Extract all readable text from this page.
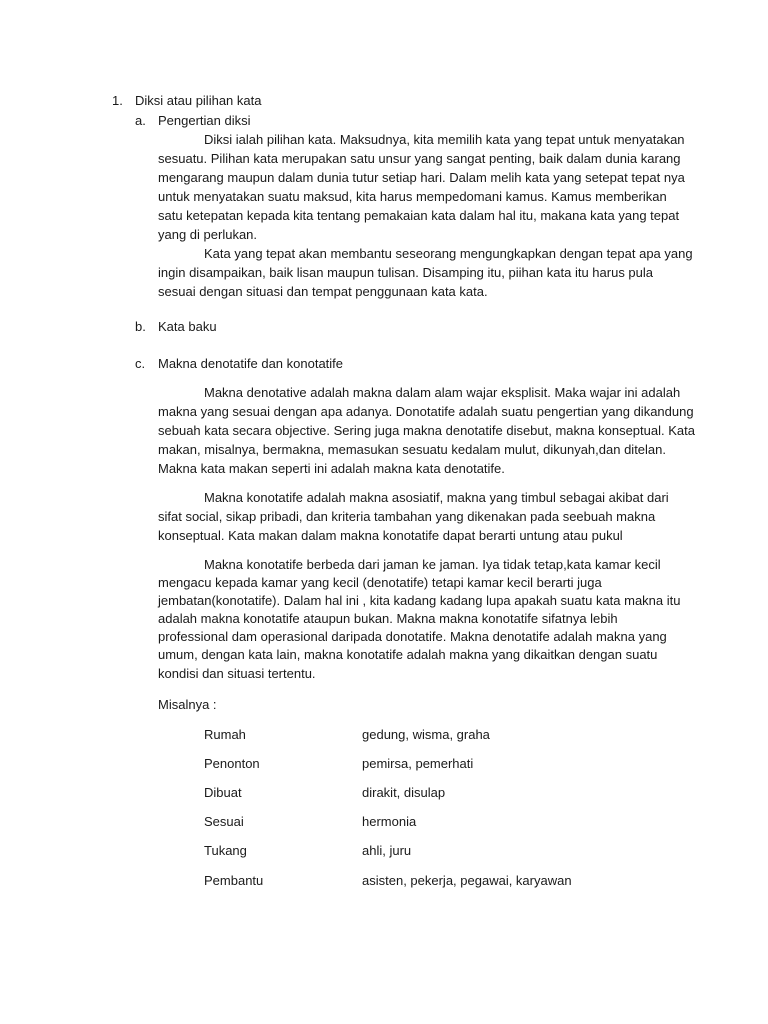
1. Diksi atau pilihan kata
a. Pengertian diksi
Diksi ialah pilihan kata. Maksudnya, kita memilih kata yang tepat untuk menyatakan
sesuatu. Pilihan kata merupakan satu unsur yang sangat penting, baik dalam dunia karang
mengarang maupun dalam dunia tutur setiap hari. Dalam melih kata yang setepat tepat nya
untuk menyatakan suatu maksud, kita harus mempedomani kamus. Kamus memberikan
satu ketepatan kepada kita tentang pemakaian kata dalam hal itu, makana kata yang tepat
yang di perlukan.
Kata yang tepat akan membantu seseorang mengungkapkan dengan tepat apa yang
ingin disampaikan, baik lisan maupun tulisan. Disamping itu, piihan kata itu harus pula
sesuai dengan situasi dan tempat penggunaan kata kata.
b. Kata baku
c. Makna denotatife dan konotatife
Makna denotative adalah makna dalam alam wajar eksplisit. Maka wajar ini adalah
makna yang sesuai dengan apa adanya. Donotatife adalah suatu pengertian yang dikandung
sebuah kata secara objective. Sering juga makna denotatife disebut, makna konseptual. Kata
makan, misalnya, bermakna, memasukan sesuatu kedalam mulut, dikunyah,dan ditelan.
Makna kata makan seperti ini adalah makna kata denotatife.
Makna konotatife adalah makna asosiatif, makna yang timbul sebagai akibat dari
sifat social, sikap pribadi, dan kriteria tambahan yang dikenakan pada seebuah makna
konseptual. Kata makan dalam makna konotatife dapat berarti untung atau pukul
Makna konotatife berbeda dari jaman ke jaman. Iya tidak tetap,kata kamar kecil
mengacu kepada kamar yang kecil (denotatife) tetapi kamar kecil berarti juga
jembatan(konotatife). Dalam hal ini , kita kadang kadang lupa apakah suatu kata makna itu
adalah makna konotatife ataupun bukan. Makna makna konotatife sifatnya lebih
professional dam operasional daripada donotatife. Makna denotatife adalah makna yang
umum, dengan kata lain, makna konotatife adalah makna yang dikaitkan dengan suatu
kondisi dan situasi tertentu.
Misalnya :
Rumah	gedung, wisma, graha
Penonton	pemirsa, pemerhati
Dibuat	dirakit, disulap
Sesuai	hermonia
Tukang	ahli, juru
Pembantu	asisten, pekerja, pegawai, karyawan
